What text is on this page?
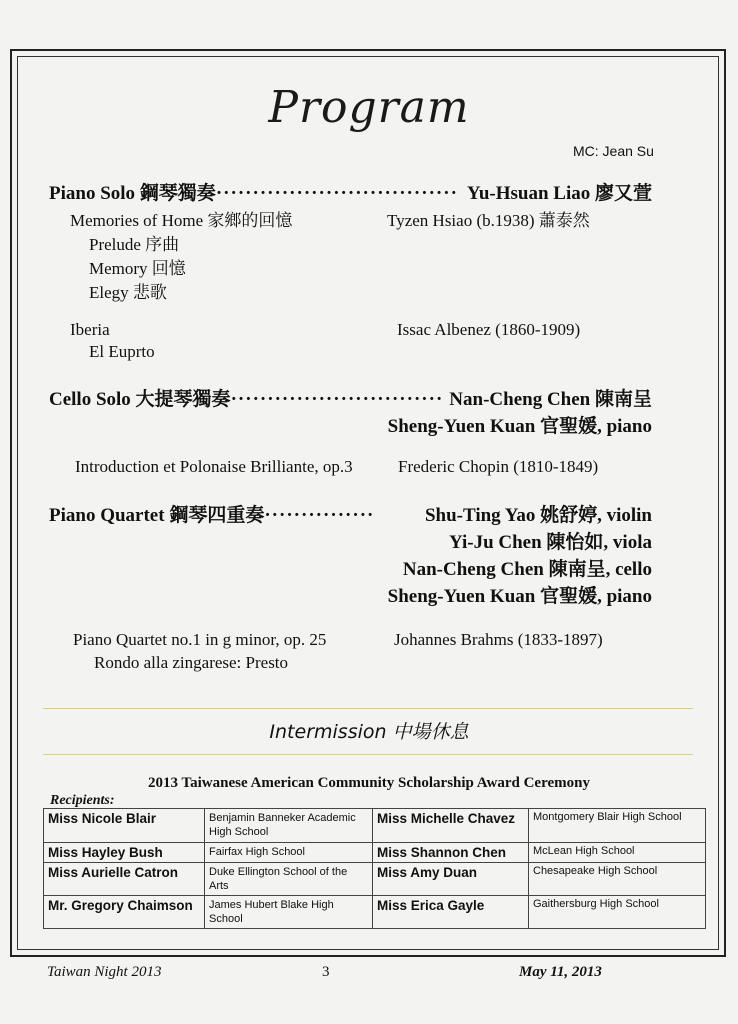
Program
MC: Jean Su
Piano Solo 鋼琴獨奏································· Yu-Hsuan Liao 廖又萱
Memories of Home 家鄉的回憶	Tyzen Hsiao (b.1938) 蕭泰然
Prelude 序曲
Memory 回憶
Elegy 悲歌
Iberia	Issac Albenez (1860-1909)
El Euprto
Cello Solo 大提琴獨奏····························· Nan-Cheng Chen 陳南呈
Sheng-Yuen Kuan 官聖媛, piano
Introduction et Polonaise Brilliante, op.3	Frederic Chopin (1810-1849)
Piano Quartet 鋼琴四重奏···············	Shu-Ting Yao 姚舒婷, violin
Yi-Ju Chen 陳怡如, viola
Nan-Cheng Chen 陳南呈, cello
Sheng-Yuen Kuan 官聖媛, piano
Piano Quartet no.1 in g minor, op. 25	Johannes Brahms (1833-1897)
Rondo alla zingarese: Presto
Intermission 中場休息
2013 Taiwanese American Community Scholarship Award Ceremony
Recipients:
Miss Nicole Blair	Benjamin Banneker Academic High School	Miss Michelle Chavez	Montgomery Blair High School
Miss Hayley Bush	Fairfax High School	Miss Shannon Chen	McLean High School
Miss Aurielle Catron	Duke Ellington School of the Arts	Miss Amy Duan	Chesapeake High School
Mr. Gregory Chaimson	James Hubert Blake High School	Miss Erica Gayle	Gaithersburg High School
Taiwan Night 2013	3	May 11, 2013
